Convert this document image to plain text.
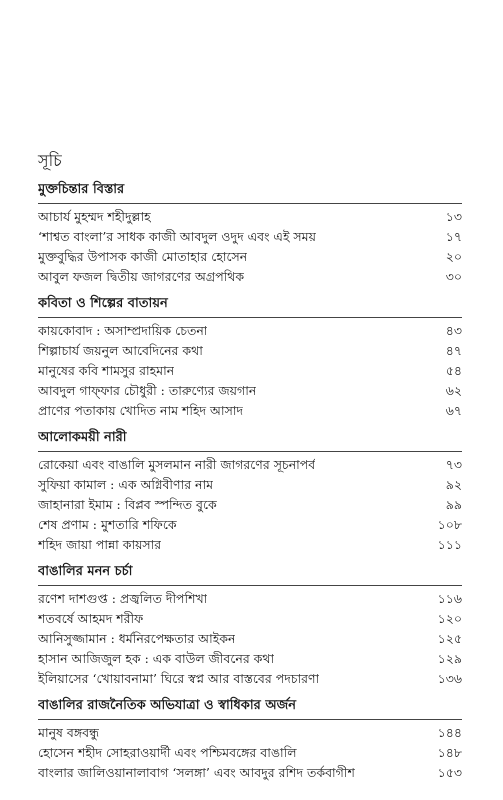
সূচি
মুক্তচিন্তার বিস্তার
আচার্য মুহম্মদ শহীদুল্লাহ	১৩
‘শাশ্বত বাংলা’র সাধক কাজী আবদুল ওদুদ এবং এই সময়	১৭
মুক্তবুদ্ধির উপাসক কাজী মোতাহার হোসেন	২০
আবুল ফজল দ্বিতীয় জাগরণের অগ্রপথিক	৩০
কবিতা ও শিল্পের বাতায়ন
কায়কোবাদ : অসাম্প্রদায়িক চেতনা	৪৩
শিল্পাচার্য জয়নুল আবেদিনের কথা	৪৭
মানুষের কবি শামসুর রাহমান	৫৪
আবদুল গাফ্ফার চৌধুরী : তারুণ্যের জয়গান	৬২
প্রাণের পতাকায় খোদিত নাম শহিদ আসাদ	৬৭
আলোকময়ী নারী
রোকেয়া এবং বাঙালি মুসলমান নারী জাগরণের সূচনাপর্ব	৭৩
সুফিয়া কামাল : এক অগ্নিবীণার নাম	৯২
জাহানারা ইমাম : বিপ্লব স্পন্দিত বুকে	৯৯
শেষ প্রণাম : মুশতারি শফিকে	১০৮
শহিদ জায়া পান্না কায়সার	১১১
বাঙালির মনন চর্চা
রণেশ দাশগুপ্ত : প্রজ্বলিত দীপশিখা	১১৬
শতবর্ষে আহমদ শরীফ	১২০
আনিসুজ্জামান : ধর্মনিরপেক্ষতার আইকন	১২৫
হাসান আজিজুল হক : এক বাউল জীবনের কথা	১২৯
ইলিয়াসের ‘খোয়াবনামা’ ঘিরে স্বপ্ন আর বাস্তবের পদচারণা	১৩৬
বাঙালির রাজনৈতিক অভিযাত্রা ও স্বাধিকার অর্জন
মানুষ বঙ্গবন্ধু	১৪৪
হোসেন শহীদ সোহরাওয়ার্দী এবং পশ্চিমবঙ্গের বাঙালি	১৪৮
বাংলার জালিওয়ানালাবাগ ‘সলঙ্গা’ এবং আবদুর রশিদ তর্কবাগীশ	১৫৩
